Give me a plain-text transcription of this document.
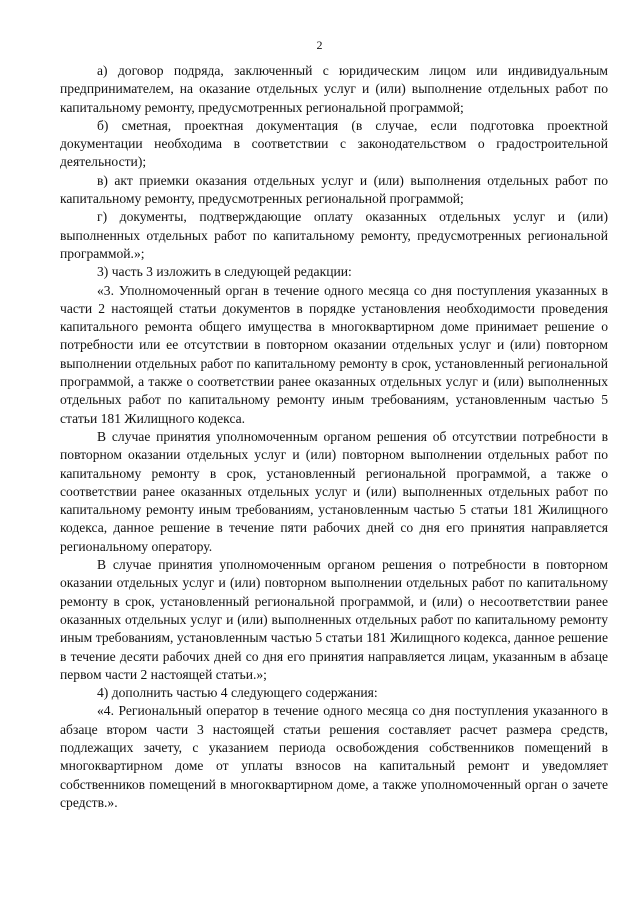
2

а) договор подряда, заключенный с юридическим лицом или индивидуальным предпринимателем, на оказание отдельных услуг и (или) выполнение отдельных работ по капитальному ремонту, предусмотренных региональной программой;

б) сметная, проектная документация (в случае, если подготовка проектной документации необходима в соответствии с законодательством о градостроительной деятельности);

в) акт приемки оказания отдельных услуг и (или) выполнения отдельных работ по капитальному ремонту, предусмотренных региональной программой;

г) документы, подтверждающие оплату оказанных отдельных услуг и (или) выполненных отдельных работ по капитальному ремонту, предусмотренных региональной программой.»;

3) часть 3 изложить в следующей редакции:

«3. Уполномоченный орган в течение одного месяца со дня поступления указанных в части 2 настоящей статьи документов в порядке установления необходимости проведения капитального ремонта общего имущества в многоквартирном доме принимает решение о потребности или ее отсутствии в повторном оказании отдельных услуг и (или) повторном выполнении отдельных работ по капитальному ремонту в срок, установленный региональной программой, а также о соответствии ранее оказанных отдельных услуг и (или) выполненных отдельных работ по капитальному ремонту иным требованиям, установленным частью 5 статьи 181 Жилищного кодекса.

В случае принятия уполномоченным органом решения об отсутствии потребности в повторном оказании отдельных услуг и (или) повторном выполнении отдельных работ по капитальному ремонту в срок, установленный региональной программой, а также о соответствии ранее оказанных отдельных услуг и (или) выполненных отдельных работ по капитальному ремонту иным требованиям, установленным частью 5 статьи 181 Жилищного кодекса, данное решение в течение пяти рабочих дней со дня его принятия направляется региональному оператору.

В случае принятия уполномоченным органом решения о потребности в повторном оказании отдельных услуг и (или) повторном выполнении отдельных работ по капитальному ремонту в срок, установленный региональной программой, и (или) о несоответствии ранее оказанных отдельных услуг и (или) выполненных отдельных работ по капитальному ремонту иным требованиям, установленным частью 5 статьи 181 Жилищного кодекса, данное решение в течение десяти рабочих дней со дня его принятия направляется лицам, указанным в абзаце первом части 2 настоящей статьи.»;

4) дополнить частью 4 следующего содержания:

«4. Региональный оператор в течение одного месяца со дня поступления указанного в абзаце втором части 3 настоящей статьи решения составляет расчет размера средств, подлежащих зачету, с указанием периода освобождения собственников помещений в многоквартирном доме от уплаты взносов на капитальный ремонт и уведомляет собственников помещений в многоквартирном доме, а также уполномоченный орган о зачете средств.».
